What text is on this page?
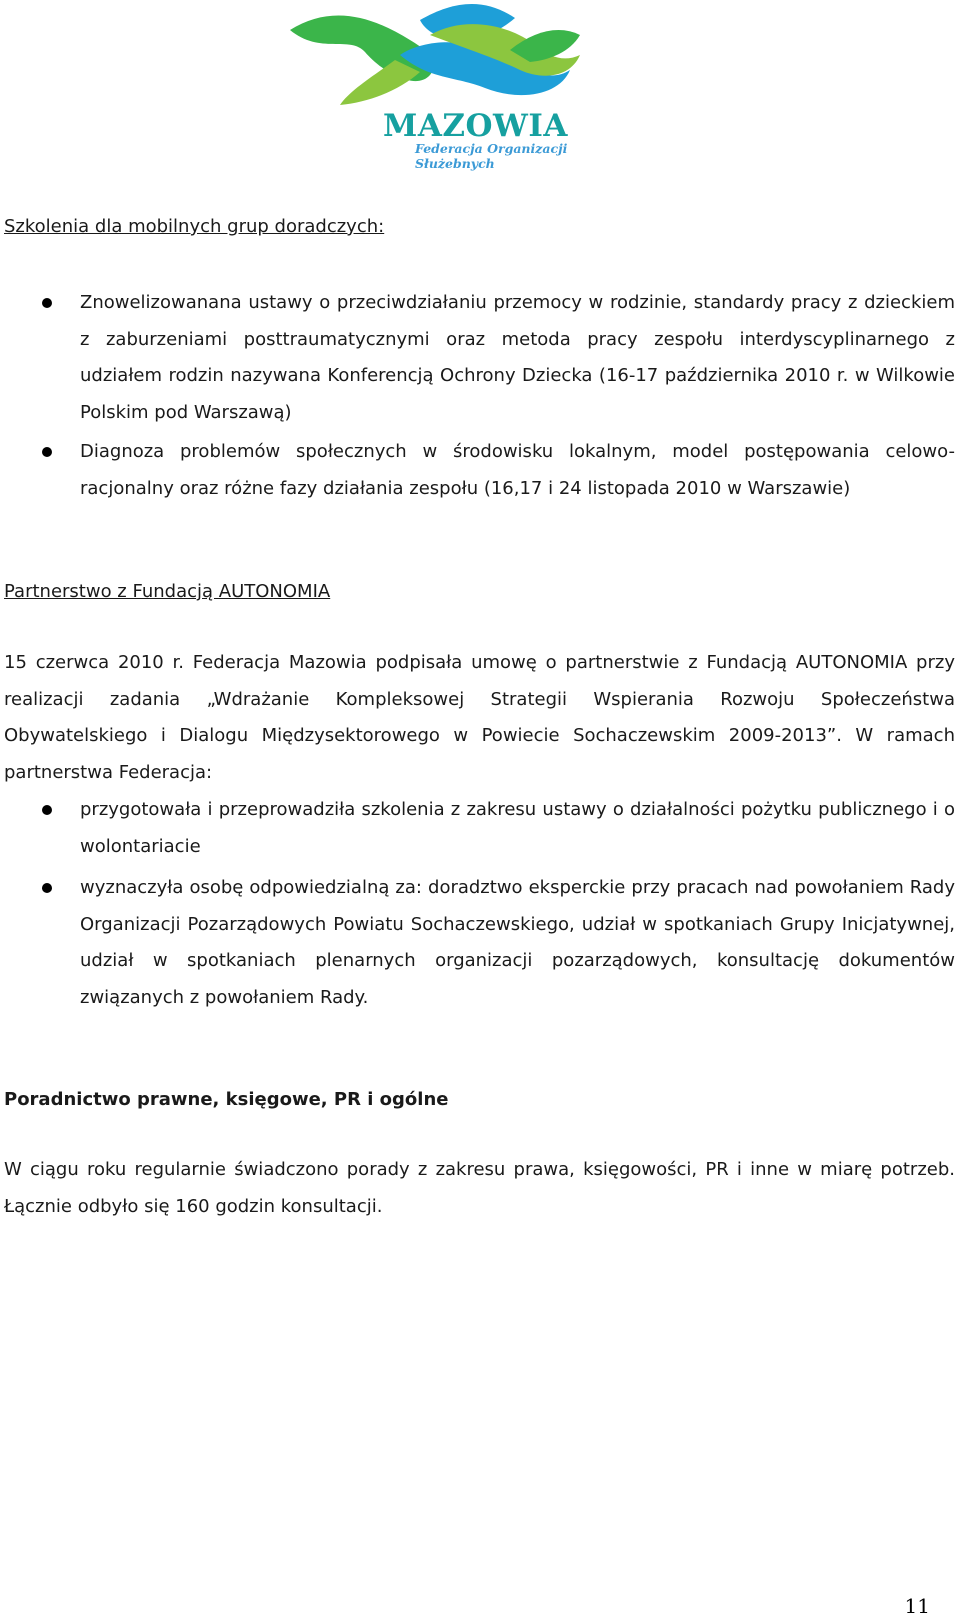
MAZOWIA
Federacja Organizacji Służebnych
Szkolenia dla mobilnych grup doradczych:
Znowelizowanana ustawy o przeciwdziałaniu przemocy w rodzinie, standardy pracy z dzieckiem z zaburzeniami posttraumatycznymi oraz metoda pracy zespołu interdyscyplinarnego z udziałem rodzin nazywana Konferencją Ochrony Dziecka (16-17 października 2010 r. w Wilkowie Polskim pod Warszawą)
Diagnoza problemów społecznych w środowisku lokalnym, model postępowania celowo-racjonalny oraz różne fazy działania zespołu (16,17 i 24 listopada 2010 w Warszawie)
Partnerstwo z Fundacją AUTONOMIA

15 czerwca 2010 r. Federacja Mazowia podpisała umowę o partnerstwie z Fundacją AUTONOMIA przy realizacji zadania „Wdrażanie Kompleksowej Strategii Wspierania Rozwoju Społeczeństwa Obywatelskiego i Dialogu Międzysektorowego w Powiecie Sochaczewskim 2009-2013”. W ramach partnerstwa Federacja:

przygotowała i przeprowadziła szkolenia z zakresu ustawy o działalności pożytku publicznego i o wolontariacie
wyznaczyła osobę odpowiedzialną za: doradztwo eksperckie przy pracach nad powołaniem Rady Organizacji Pozarządowych Powiatu Sochaczewskiego, udział w spotkaniach Grupy Inicjatywnej, udział w spotkaniach plenarnych organizacji pozarządowych, konsultację dokumentów związanych z powołaniem Rady.
Poradnictwo prawne, księgowe, PR i ogólne

W ciągu roku regularnie świadczono porady z zakresu prawa, księgowości, PR i inne w miarę potrzeb. Łącznie odbyło się 160 godzin konsultacji.

11
